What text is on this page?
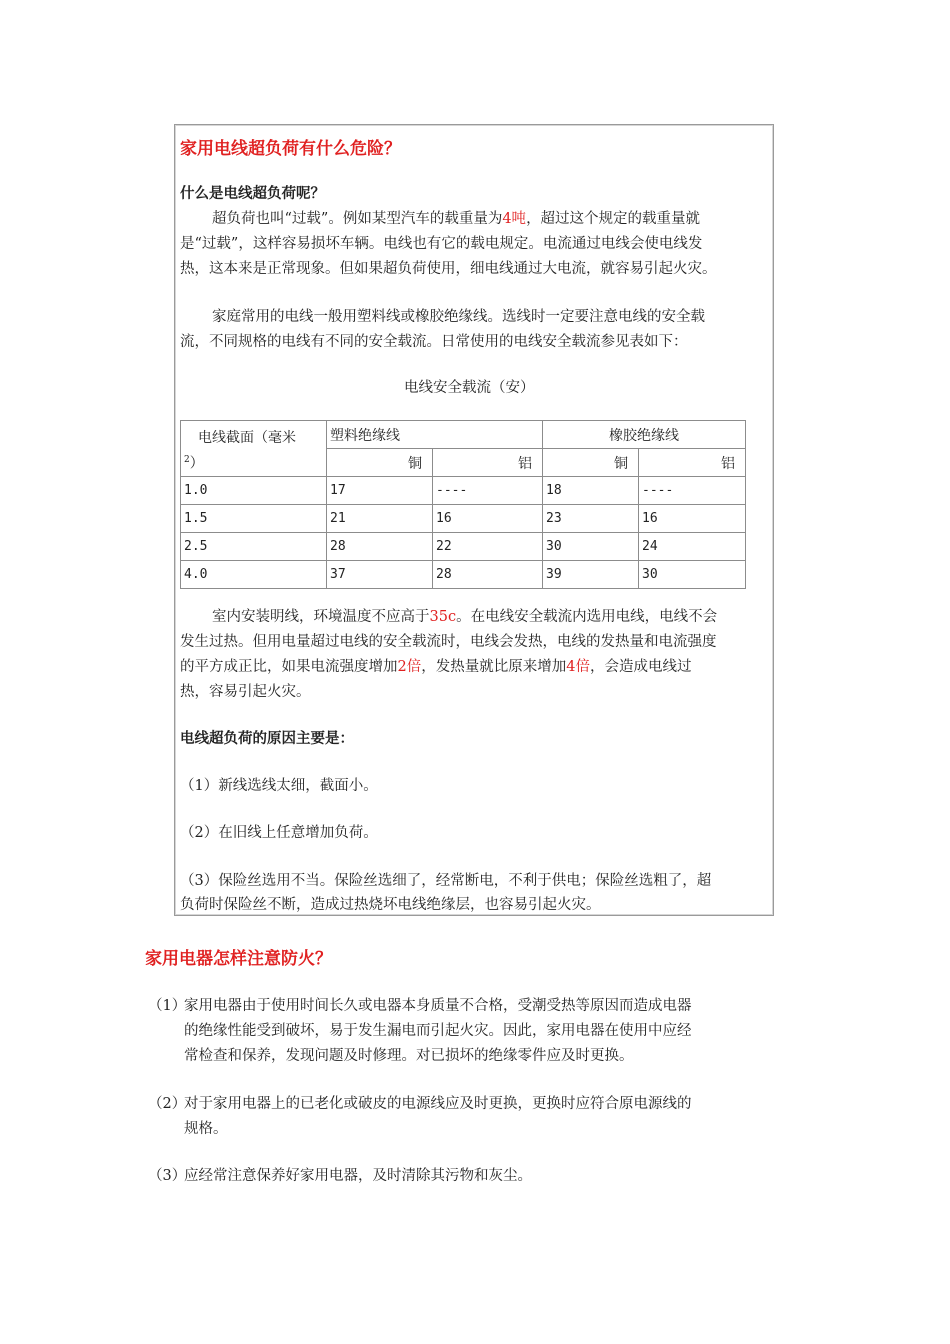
家用电线超负荷有什么危险？
什么是电线超负荷呢？
超负荷也叫“过载”。例如某型汽车的载重量为4吨，超过这个规定的载重量就
是“过载”，这样容易损坏车辆。电线也有它的载电规定。电流通过电线会使电线发
热，这本来是正常现象。但如果超负荷使用，细电线通过大电流，就容易引起火灾。
家庭常用的电线一般用塑料线或橡胶绝缘线。选线时一定要注意电线的安全载
流，不同规格的电线有不同的安全载流。日常使用的电线安全载流参见表如下：
电线安全载流（安）
电线截面（毫米
$^2$）	塑料绝缘线		橡胶绝缘线	
	铜	铝	铜	铝
1.0	17	----	18	----
1.5	21	16	23	16
2.5	28	22	30	24
4.0	37	28	39	30
室内安装明线，环境温度不应高于35c。在电线安全载流内选用电线，电线不会
发生过热。但用电量超过电线的安全载流时，电线会发热，电线的发热量和电流强度
的平方成正比，如果电流强度增加2倍，发热量就比原来增加4倍，会造成电线过
热，容易引起火灾。
电线超负荷的原因主要是：
（1）新线选线太细，截面小。
（2）在旧线上任意增加负荷。
（3）保险丝选用不当。保险丝选细了，经常断电，不利于供电；保险丝选粗了，超
负荷时保险丝不断，造成过热烧坏电线绝缘层，也容易引起火灾。
家用电器怎样注意防火？
（1）
家用电器由于使用时间长久或电器本身质量不合格，受潮受热等原因而造成电器
的绝缘性能受到破坏，易于发生漏电而引起火灾。因此，家用电器在使用中应经
常检查和保养，发现问题及时修理。对已损坏的绝缘零件应及时更换。
（2）
对于家用电器上的已老化或破皮的电源线应及时更换，更换时应符合原电源线的
规格。
（3）
应经常注意保养好家用电器，及时清除其污物和灰尘。
